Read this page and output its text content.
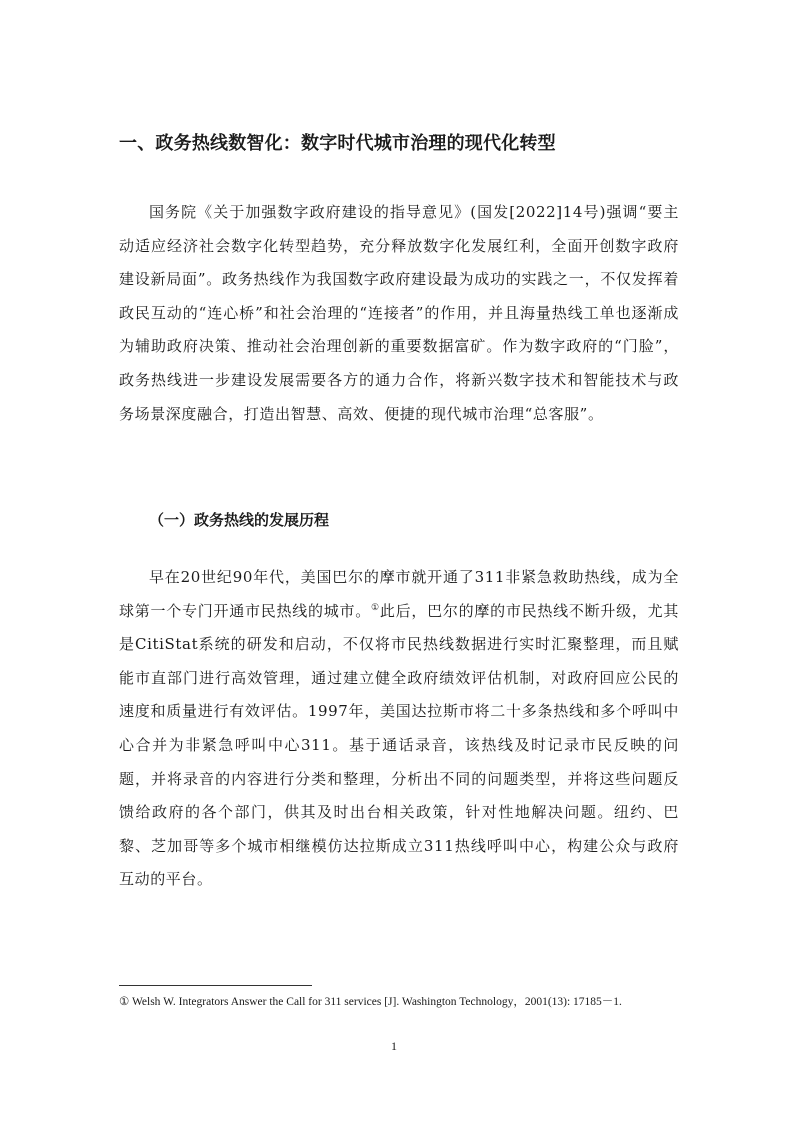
一、政务热线数智化：数字时代城市治理的现代化转型

国务院《关于加强数字政府建设的指导意见》(国发[2022]14号)强调“要主动适应经济社会数字化转型趋势，充分释放数字化发展红利，全面开创数字政府建设新局面”。政务热线作为我国数字政府建设最为成功的实践之一，不仅发挥着政民互动的“连心桥”和社会治理的“连接者”的作用，并且海量热线工单也逐渐成为辅助政府决策、推动社会治理创新的重要数据富矿。作为数字政府的“门脸”，政务热线进一步建设发展需要各方的通力合作，将新兴数字技术和智能技术与政务场景深度融合，打造出智慧、高效、便捷的现代城市治理“总客服”。

（一）政务热线的发展历程

早在20世纪90年代，美国巴尔的摩市就开通了311非紧急救助热线，成为全球第一个专门开通市民热线的城市。①此后，巴尔的摩的市民热线不断升级，尤其是CitiStat系统的研发和启动，不仅将市民热线数据进行实时汇聚整理，而且赋能市直部门进行高效管理，通过建立健全政府绩效评估机制，对政府回应公民的速度和质量进行有效评估。1997年，美国达拉斯市将二十多条热线和多个呼叫中心合并为非紧急呼叫中心311。基于通话录音，该热线及时记录市民反映的问题，并将录音的内容进行分类和整理，分析出不同的问题类型，并将这些问题反馈给政府的各个部门，供其及时出台相关政策，针对性地解决问题。纽约、巴黎、芝加哥等多个城市相继模仿达拉斯成立311热线呼叫中心，构建公众与政府互动的平台。

① Welsh W. Integrators Answer the Call for 311 services [J]. Washington Technology，2001(13): 17185－1.
1
